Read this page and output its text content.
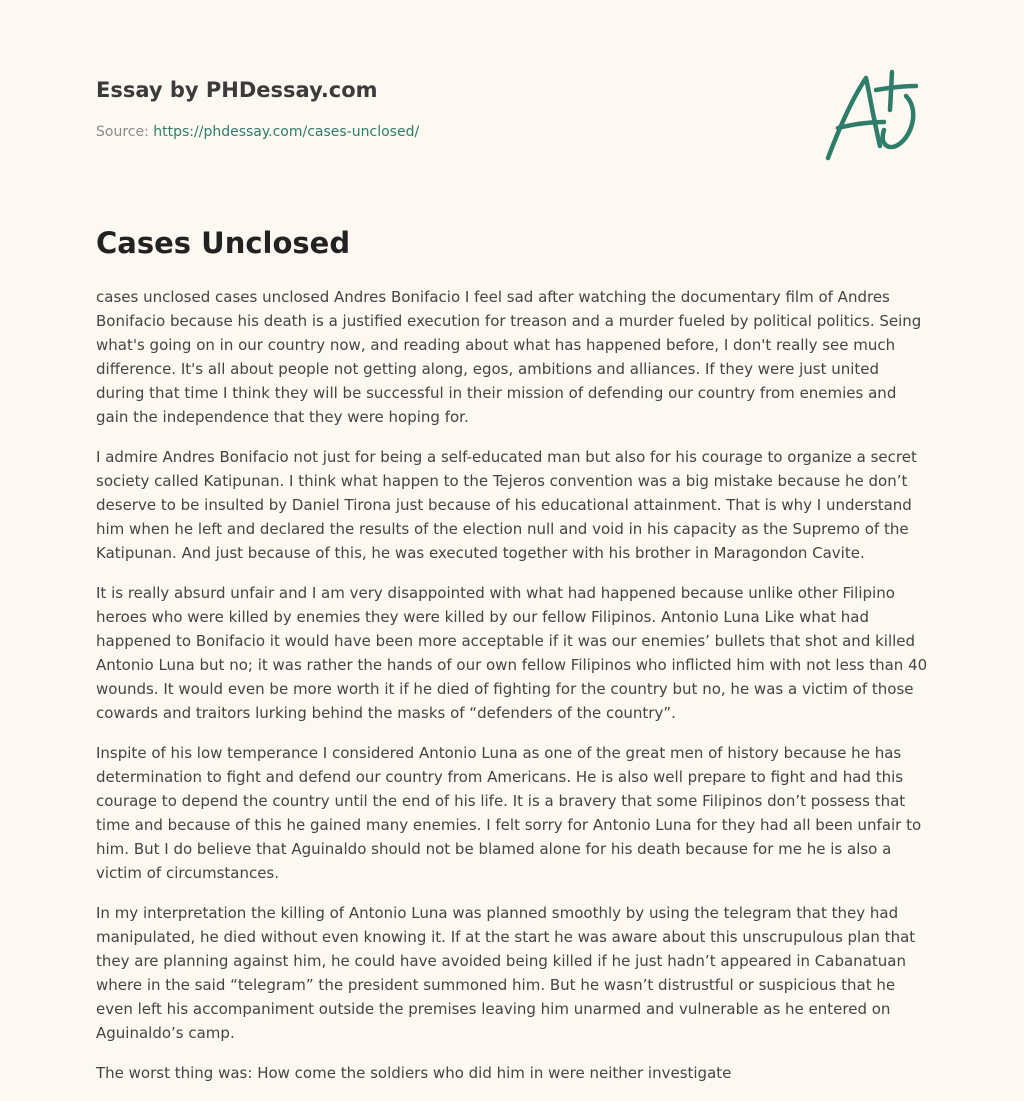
Essay by PHDessay.com
Source: https://phdessay.com/cases-unclosed/
Cases Unclosed

cases unclosed cases unclosed Andres Bonifacio I feel sad after watching the documentary film of Andres Bonifacio because his death is a justified execution for treason and a murder fueled by political politics. Seing what's going on in our country now, and reading about what has happened before, I don't really see much difference. It's all about people not getting along, egos, ambitions and alliances. If they were just united during that time I think they will be successful in their mission of defending our country from enemies and gain the independence that they were hoping for.

I admire Andres Bonifacio not just for being a self-educated man but also for his courage to organize a secret society called Katipunan. I think what happen to the Tejeros convention was a big mistake because he don’t deserve to be insulted by Daniel Tirona just because of his educational attainment. That is why I understand him when he left and declared the results of the election null and void in his capacity as the Supremo of the Katipunan. And just because of this, he was executed together with his brother in Maragondon Cavite.

It is really absurd unfair and I am very disappointed with what had happened because unlike other Filipino heroes who were killed by enemies they were killed by our fellow Filipinos. Antonio Luna Like what had happened to Bonifacio it would have been more acceptable if it was our enemies’ bullets that shot and killed Antonio Luna but no; it was rather the hands of our own fellow Filipinos who inflicted him with not less than 40 wounds. It would even be more worth it if he died of fighting for the country but no, he was a victim of those cowards and traitors lurking behind the masks of “defenders of the country”.

Inspite of his low temperance I considered Antonio Luna as one of the great men of history because he has determination to fight and defend our country from Americans. He is also well prepare to fight and had this courage to depend the country until the end of his life. It is a bravery that some Filipinos don’t possess that time and because of this he gained many enemies. I felt sorry for Antonio Luna for they had all been unfair to him. But I do believe that Aguinaldo should not be blamed alone for his death because for me he is also a victim of circumstances.

In my interpretation the killing of Antonio Luna was planned smoothly by using the telegram that they had manipulated, he died without even knowing it. If at the start he was aware about this unscrupulous plan that they are planning against him, he could have avoided being killed if he just hadn’t appeared in Cabanatuan where in the said “telegram” the president summoned him. But he wasn’t distrustful or suspicious that he even left his accompaniment outside the premises leaving him unarmed and vulnerable as he entered on Aguinaldo’s camp.

The worst thing was: How come the soldiers who did him in were neither investigate
